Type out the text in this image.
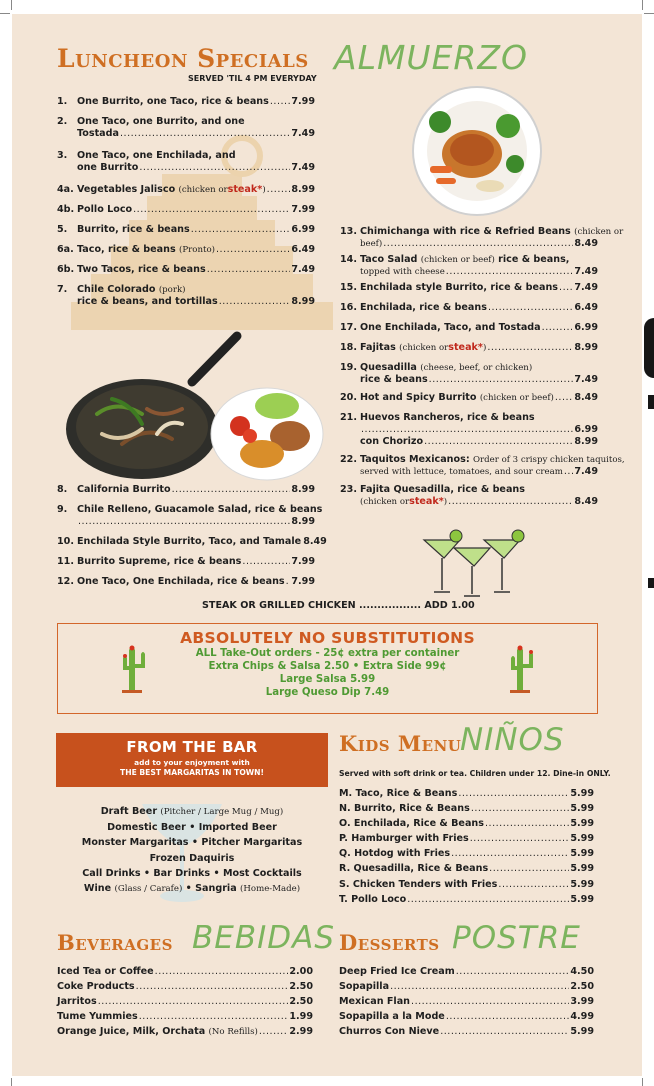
Luncheon Specials ALMUERZO
SERVED 'TIL 4 PM EVERYDAY
1.	One Burrito, one Taco, rice & beans ..... 7.99
2.	One Taco, one Burrito, and one
Tostada .....	7.49
3.	One Taco, one Enchilada, and
one Burrito .....	7.49
4a. Vegetables Jalisco
(chicken or steak* ) .....	8.99
4b. Pollo Loco .....	7.99
5.	Burrito, rice & beans .....	6.99
6a. Taco, rice & beans
(Pronto) .....	6.49
6b. Two Tacos, rice & beans .....	7.49
7.	Chile Colorado
(pork)
rice & beans, and tortillas .....	8.99
8.	California Burrito .....	8.99
9.	Chile Relleno, Guacamole Salad, rice & beans
.....
8.99
10. Enchilada Style Burrito, Taco, and Tamale 8.49
11. Burrito Supreme, rice & beans .....	7.99
12. One Taco, One Enchilada, rice & beans ..... 7.99
13. Chimichanga with rice & Refried Beans
(chicken or
beef) .....	8.49
14. Taco Salad
(chicken or beef)
rice & beans,
topped with cheese .....	7.49
15. Enchilada style Burrito, rice & beans ..... 7.49
16. Enchilada, rice & beans .....	6.49
17. One Enchilada, Taco, and Tostada .....	6.99
18. Fajitas
(chicken or steak* ) .....	8.99
19. Quesadilla
(cheese, beef, or chicken)
rice & beans .....	7.49
20. Hot and Spicy Burrito
(chicken or beef) ..... 8.49
21. Huevos Rancheros, rice & beans
.....
6.99
con Chorizo .....	8.99
22. Taquitos Mexicanos:
Order of 3 crispy chicken taquitos,
served with lettuce, tomatoes, and sour cream ..... 7.49
23. Fajita Quesadilla, rice & beans
(chicken or steak* ) .....	8.49
STEAK OR GRILLED CHICKEN ................. ADD 1.00
ABSOLUTELY NO SUBSTITUTIONS
ALL Take-Out orders - 25¢ extra per container
Extra Chips & Salsa 2.50 • Extra Side 99¢
Large Salsa 5.99
Large Queso Dip 7.49
FROM THE BAR
add to your enjoyment with
THE BEST MARGARITAS IN TOWN!
Draft Beer (Pitcher / Large Mug / Mug)
Domestic Beer • Imported Beer
Monster Margaritas • Pitcher Margaritas
Frozen Daquiris
Call Drinks • Bar Drinks • Most Cocktails
Wine (Glass / Carafe) • Sangria (Home-Made)
Kids Menu
NIÑOS
Served with soft drink or tea. Children under 12. Dine-in ONLY.
M. Taco, Rice & Beans .....	5.99
N. Burrito, Rice & Beans .....	5.99
O. Enchilada, Rice & Beans .....	5.99
P. Hamburger with Fries .....	5.99
Q. Hotdog with Fries .....	5.99
R. Quesadilla, Rice & Beans .....	5.99
S. Chicken Tenders with Fries .....	5.99
T. Pollo Loco .....	5.99
Beverages BEBIDAS
Iced Tea or Coffee .....	2.00
Coke Products .....	2.50
Jarritos .....	2.50
Tume Yummies .....	1.99
Orange Juice, Milk, Orchata
(No Refills) .....	2.99
Desserts POSTRE
Deep Fried Ice Cream .....	4.50
Sopapilla .....	2.50
Mexican Flan .....	3.99
Sopapilla a la Mode .....	4.99
Churros Con Nieve .....	5.99
